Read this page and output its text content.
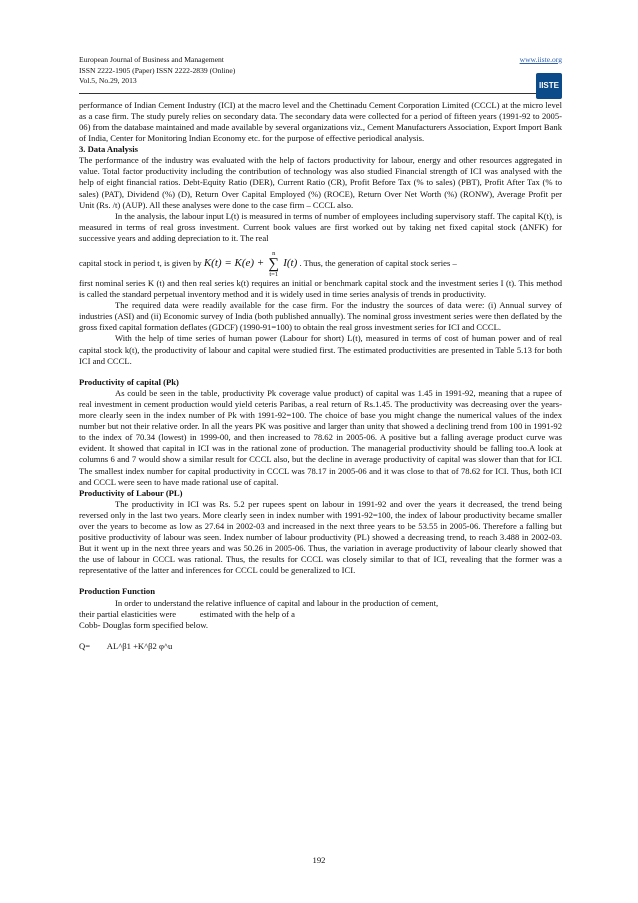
European Journal of Business and Management	www.iiste.org
ISSN 2222-1905 (Paper) ISSN 2222-2839 (Online)
Vol.5, No.29, 2013
IISTE

performance of Indian Cement Industry (ICI) at the macro level and the Chettinadu Cement Corporation Limited (CCCL) at the micro level as a case firm. The study purely relies on secondary data. The secondary data were collected for a period of fifteen years (1991-92 to 2005-06) from the database maintained and made available by several organizations viz., Cement Manufacturers Association, Export Import Bank of India, Center for Monitoring Indian Economy etc. for the purpose of effective periodical analysis.

3. Data Analysis

The performance of the industry was evaluated with the help of factors productivity for labour, energy and other resources aggregated in value. Total factor productivity including the contribution of technology was also studied Financial strength of ICI was analysed with the help of eight financial ratios. Debt-Equity Ratio (DER), Current Ratio (CR), Profit Before Tax (% to sales) (PBT), Profit After Tax (% to sales) (PAT), Dividend (%) (D), Return Over Capital Employed (%) (ROCE), Return Over Net Worth (%) (RONW), Average Profit per Unit (Rs. /t) (AUP). All these analyses were done to the case firm – CCCL also.

In the analysis, the labour input L(t) is measured in terms of number of employees including supervisory staff. The capital K(t), is measured in terms of real gross investment. Current book values are first worked out by taking net fixed capital stock (ΔNFK) for successive years and adding depreciation to it. The real

capital stock in period t, is given by K(t) = K(e) +
n
∑
t=1
I(t) . Thus, the generation of capital stock series –

first nominal series K (t) and then real series k(t) requires an initial or benchmark capital stock and the investment series I (t). This method is called the standard perpetual inventory method and it is widely used in time series analysis of trends in productivity.

The required data were readily available for the case firm. For the industry the sources of data were: (i) Annual survey of industries (ASI) and (ii) Economic survey of India (both published annually). The nominal gross investment series were then deflated by the gross fixed capital formation deflates (GDCF) (1990-91=100) to obtain the real gross investment series for ICI and CCCL.

With the help of time series of human power (Labour for short) L(t), measured in terms of cost of human power and of real capital stock k(t), the productivity of labour and capital were studied first. The estimated productivities are presented in Table 5.13 for both ICI and CCCL.

Productivity of capital (Pk)

As could be seen in the table, productivity Pk coverage value product) of capital was 1.45 in 1991-92, meaning that a rupee of real investment in cement production would yield ceteris Paribas, a real return of Rs.1.45. The productivity was decreasing over the years-more clearly seen in the index number of Pk with 1991-92=100. The choice of base you might change the numerical values of the index number but not their relative order. In all the years PK was positive and larger than unity that showed a declining trend from 100 in 1991-92 to the index of 70.34 (lowest) in 1999-00, and then increased to 78.62 in 2005-06. A positive but a falling average product curve was evident. It showed that capital in ICI was in the rational zone of production. The managerial productivity should be falling too.A look at columns 6 and 7 would show a similar result for CCCL also, but the decline in average productivity of capital was slower than that for ICI. The smallest index number for capital productivity in CCCL was 78.17 in 2005-06 and it was close to that of 78.62 for ICI. Thus, both ICI and CCCL were seen to have made rational use of capital.

Productivity of Labour (PL)

The productivity in ICI was Rs. 5.2 per rupees spent on labour in 1991-92 and over the years it decreased, the trend being reversed only in the last two years. More clearly seen in index number with 1991-92=100, the index of labour productivity became smaller over the years to become as low as 27.64 in 2002-03 and increased in the next three years to be 53.55 in 2005-06. Therefore a falling but positive productivity of labour was seen. Index number of labour productivity (PL) showed a decreasing trend, to reach 3.488 in 2002-03. But it went up in the next three years and was 50.26 in 2005-06. Thus, the variation in average productivity of labour clearly showed that the use of labour in CCCL was rational. Thus, the results for CCCL was closely similar to that of ICI, revealing that the former was a representative of the latter and inferences for CCCL could be generalized to ICI.

Production Function

In order to understand the relative influence of capital and labour in the production of cement,

their partial elasticities were           estimated with the help of a

Cobb- Douglas form specified below.

Q=        AL^β1 +K^β2 φ^u
192
